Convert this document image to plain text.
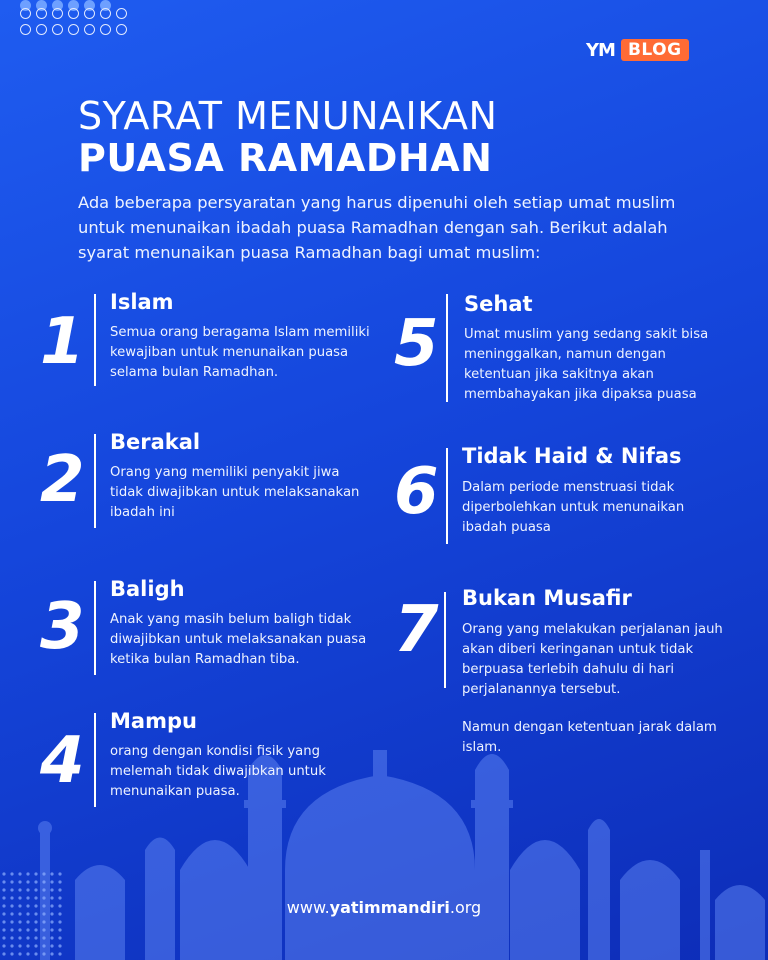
YM BLOG
SYARAT MENUNAIKAN
PUASA RAMADHAN
Ada beberapa persyaratan yang harus dipenuhi oleh setiap umat muslim untuk menunaikan ibadah puasa Ramadhan dengan sah. Berikut adalah syarat menunaikan puasa Ramadhan bagi umat muslim:
1
Islam
Semua orang beragama Islam memiliki kewajiban untuk menunaikan puasa selama bulan Ramadhan.
2
Berakal
Orang yang memiliki penyakit jiwa tidak diwajibkan untuk melaksanakan ibadah ini
3
Baligh
Anak yang masih belum baligh tidak diwajibkan untuk melaksanakan puasa ketika bulan Ramadhan tiba.
4
Mampu
orang dengan kondisi fisik yang melemah tidak diwajibkan untuk menunaikan puasa.
5
Sehat
Umat muslim yang sedang sakit bisa meninggalkan, namun dengan ketentuan jika sakitnya akan membahayakan jika dipaksa puasa
6 Tidak Haid & Nifas
Dalam periode menstruasi tidak diperbolehkan untuk menunaikan ibadah puasa
7 Bukan Musafir
Orang yang melakukan perjalanan jauh akan diberi keringanan untuk tidak berpuasa terlebih dahulu di hari perjalanannya tersebut.
Namun dengan ketentuan jarak dalam islam.
www.yatimmandiri.org
